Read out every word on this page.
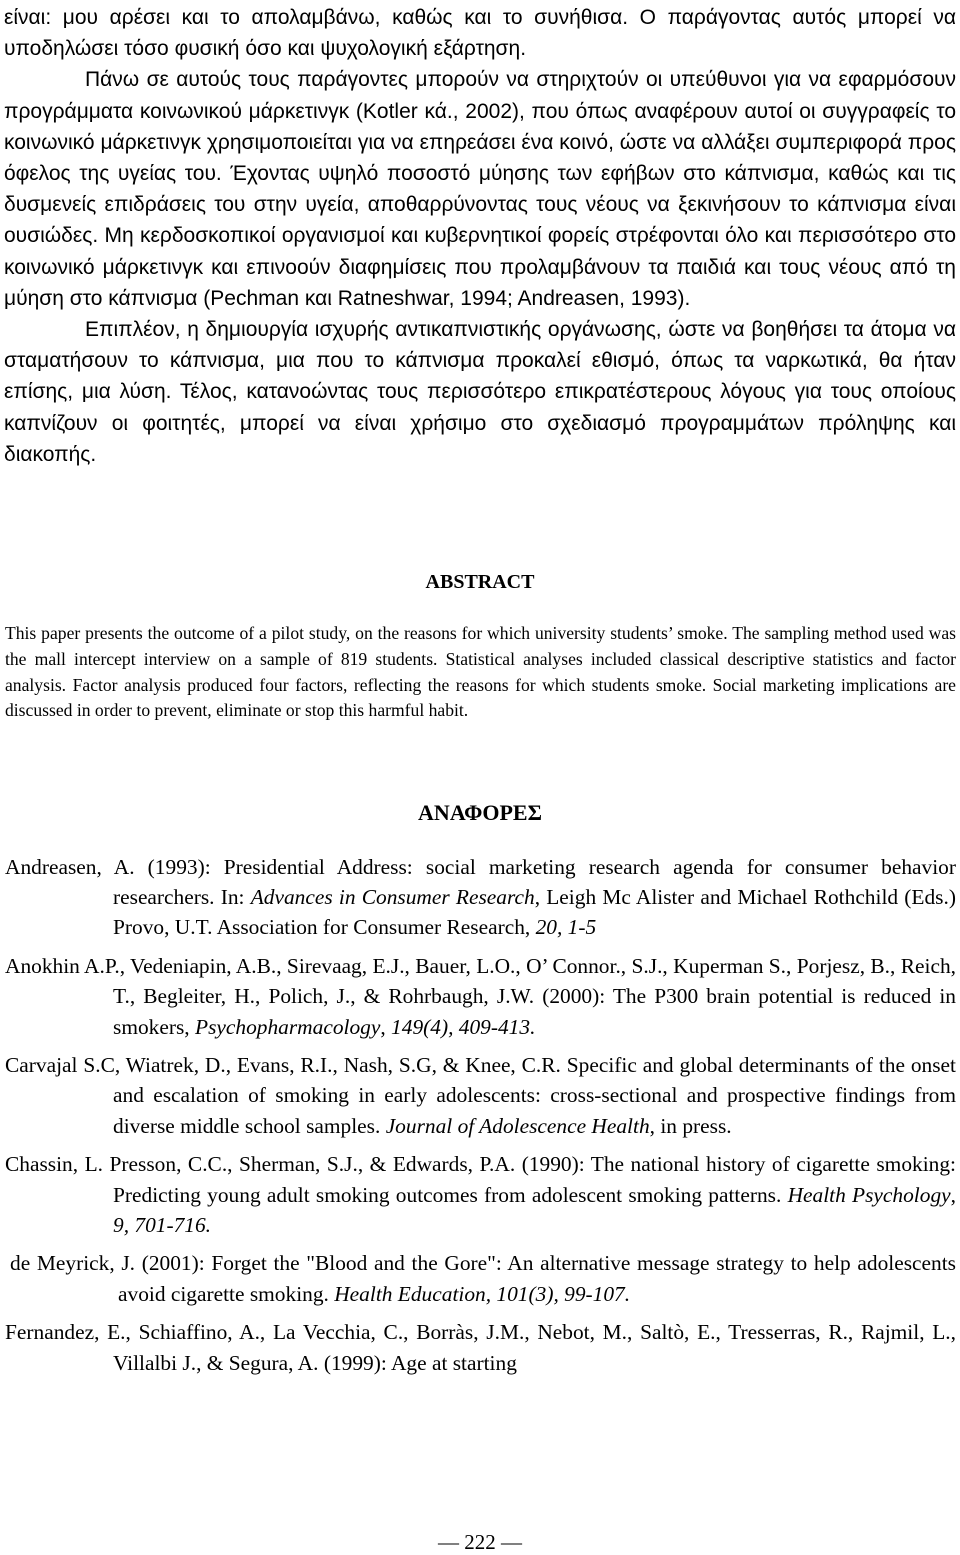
είναι: μου αρέσει και το απολαμβάνω, καθώς και το συνήθισα. Ο παράγοντας αυτός μπορεί να υποδηλώσει τόσο φυσική όσο και ψυχολογική εξάρτηση.

Πάνω σε αυτούς τους παράγοντες μπορούν να στηριχτούν οι υπεύθυνοι για να εφαρμόσουν προγράμματα κοινωνικού μάρκετινγκ (Kotler κά., 2002), που όπως αναφέρουν αυτοί οι συγγραφείς το κοινωνικό μάρκετινγκ χρησιμοποιείται για να επηρεάσει ένα κοινό, ώστε να αλλάξει συμπεριφορά προς όφελος της υγείας του. Έχοντας υψηλό ποσοστό μύησης των εφήβων στο κάπνισμα, καθώς και τις δυσμενείς επιδράσεις του στην υγεία, αποθαρρύνοντας τους νέους να ξεκινήσουν το κάπνισμα είναι ουσιώδες. Μη κερδοσκοπικοί οργανισμοί και κυβερνητικοί φορείς στρέφονται όλο και περισσότερο στο κοινωνικό μάρκετινγκ και επινοούν διαφημίσεις που προλαμβάνουν τα παιδιά και τους νέους από τη μύηση στο κάπνισμα (Pechman και Ratneshwar, 1994; Andreasen, 1993).

Επιπλέον, η δημιουργία ισχυρής αντικαπνιστικής οργάνωσης, ώστε να βοηθήσει τα άτομα να σταματήσουν το κάπνισμα, μια που το κάπνισμα προκαλεί εθισμό, όπως τα ναρκωτικά, θα ήταν επίσης, μια λύση. Τέλος, κατανοώντας τους περισσότερο επικρατέστερους λόγους για τους οποίους καπνίζουν οι φοιτητές, μπορεί να είναι χρήσιμο στο σχεδιασμό προγραμμάτων πρόληψης και διακοπής.

ABSTRACT
This paper presents the outcome of a pilot study, on the reasons for which university students’ smoke. The sampling method used was the mall intercept interview on a sample of 819 students. Statistical analyses included classical descriptive statistics and factor analysis. Factor analysis produced four factors, reflecting the reasons for which students smoke. Social marketing implications are discussed in order to prevent, eliminate or stop this harmful habit.
ΑΝΑΦΟΡΕΣ
Andreasen, A. (1993): Presidential Address: social marketing research agenda for consumer behavior researchers. In: Advances in Consumer Research, Leigh Mc Alister and Michael Rothchild (Eds.) Provo, U.T. Association for Consumer Research, 20, 1-5
Anokhin A.P., Vedeniapin, A.B., Sirevaag, E.J., Bauer, L.O., O’ Connor., S.J., Kuperman S., Porjesz, B., Reich, T., Begleiter, H., Polich, J., & Rohrbaugh, J.W. (2000): The P300 brain potential is reduced in smokers, Psychopharmacology, 149(4), 409-413.
Carvajal S.C, Wiatrek, D., Evans, R.I., Nash, S.G, & Knee, C.R. Specific and global determinants of the onset and escalation of smoking in early adolescents: cross-sectional and prospective findings from diverse middle school samples. Journal of Adolescence Health, in press.
Chassin, L. Presson, C.C., Sherman, S.J., & Edwards, P.A. (1990): The national history of cigarette smoking: Predicting young adult smoking outcomes from adolescent smoking patterns. Health Psychology, 9, 701-716.
de Meyrick, J. (2001): Forget the "Blood and the Gore": An alternative message strategy to help adolescents avoid cigarette smoking. Health Education, 101(3), 99-107.
Fernandez, E., Schiaffino, A., La Vecchia, C., Borràs, J.M., Nebot, M., Saltò, E., Tresserras, R., Rajmil, L., Villalbi J., & Segura, A. (1999): Age at starting
— 222 —
